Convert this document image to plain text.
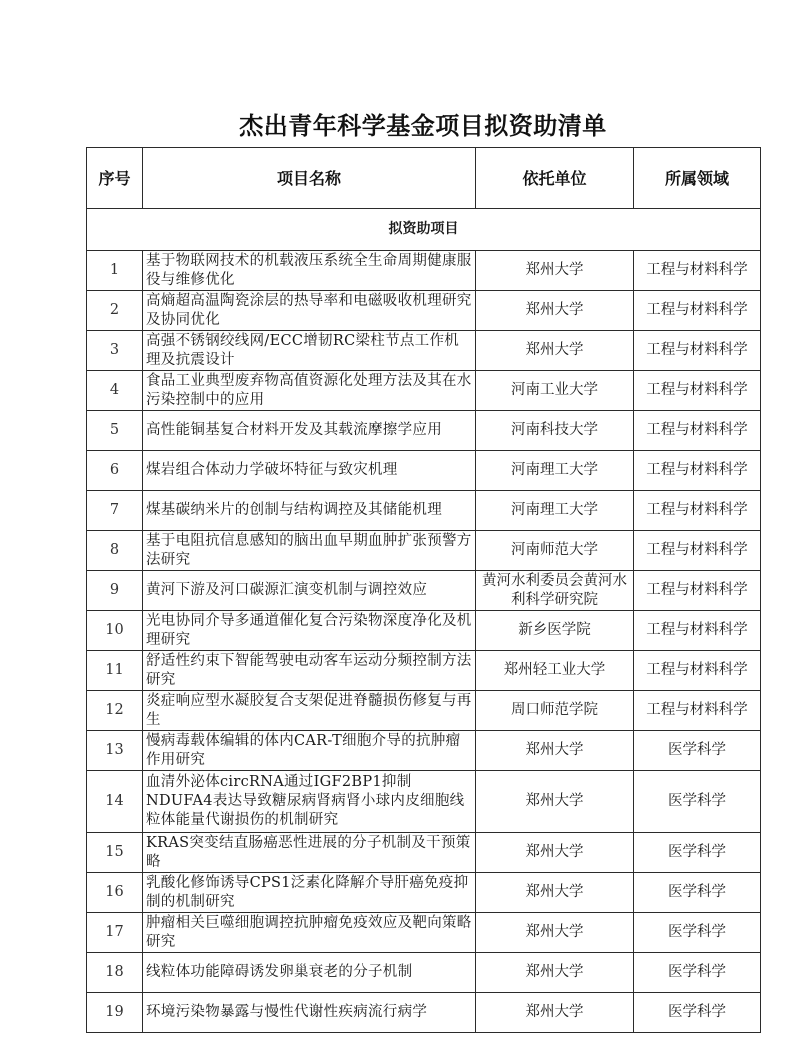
杰出青年科学基金项目拟资助清单
序号	项目名称	依托单位	所属领域
拟资助项目			
1	基于物联网技术的机载液压系统全生命周期健康服役与维修优化	郑州大学	工程与材料科学
2	高熵超高温陶瓷涂层的热导率和电磁吸收机理研究及协同优化	郑州大学	工程与材料科学
3	高强不锈钢绞线网/ECC增韧RC梁柱节点工作机理及抗震设计	郑州大学	工程与材料科学
4	食品工业典型废弃物高值资源化处理方法及其在水污染控制中的应用	河南工业大学	工程与材料科学
5	高性能铜基复合材料开发及其载流摩擦学应用	河南科技大学	工程与材料科学
6	煤岩组合体动力学破坏特征与致灾机理	河南理工大学	工程与材料科学
7	煤基碳纳米片的创制与结构调控及其储能机理	河南理工大学	工程与材料科学
8	基于电阻抗信息感知的脑出血早期血肿扩张预警方法研究	河南师范大学	工程与材料科学
9	黄河下游及河口碳源汇演变机制与调控效应	黄河水利委员会黄河水利科学研究院	工程与材料科学
10	光电协同介导多通道催化复合污染物深度净化及机理研究	新乡医学院	工程与材料科学
11	舒适性约束下智能驾驶电动客车运动分频控制方法研究	郑州轻工业大学	工程与材料科学
12	炎症响应型水凝胶复合支架促进脊髓损伤修复与再生	周口师范学院	工程与材料科学
13	慢病毒载体编辑的体内CAR-T细胞介导的抗肿瘤作用研究	郑州大学	医学科学
14	血清外泌体circRNA通过IGF2BP1抑制NDUFA4表达导致糖尿病肾病肾小球内皮细胞线粒体能量代谢损伤的机制研究	郑州大学	医学科学
15	KRAS突变结直肠癌恶性进展的分子机制及干预策略	郑州大学	医学科学
16	乳酸化修饰诱导CPS1泛素化降解介导肝癌免疫抑制的机制研究	郑州大学	医学科学
17	肿瘤相关巨噬细胞调控抗肿瘤免疫效应及靶向策略研究	郑州大学	医学科学
18	线粒体功能障碍诱发卵巢衰老的分子机制	郑州大学	医学科学
19	环境污染物暴露与慢性代谢性疾病流行病学	郑州大学	医学科学
